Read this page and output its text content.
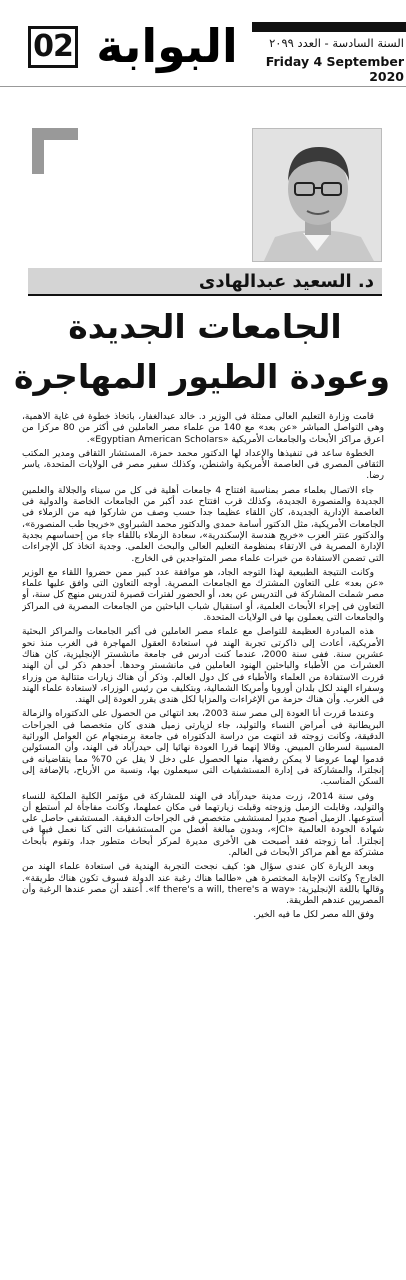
02 البوابة	السنة السادسة - العدد ٢٠٩٩
Friday 4 September 2020
د. السعيد عبدالهادى
الجامعات الجديدة
وعودة الطيور المهاجرة

قامت وزارة التعليم العالى ممثلة فى الوزير د. خالد عبدالغفار، باتخاذ خطوة فى غاية الأهمية، وهى التواصل المباشر «عن بعد» مع 140 من علماء مصر العاملين فى أكثر من 80 مركزا من اعرق مراكز الأبحاث والجامعات الأمريكية «Egyptian American Scholars».

الخطوة ساعد فى تنفيذها والإعداد لها الدكتور محمد حمزة، المستشار الثقافى ومدير المكتب الثقافى المصرى فى العاصمة الأمريكية واشنطن، وكذلك سفير مصر فى الولايات المتحدة، ياسر رضا.

جاء الاتصال بعلماء مصر بمناسبة افتتاح 4 جامعات أهلية فى كل من سيناء والجلالة والعلمين الجديدة والمنصورة الجديدة، وكذلك قرب افتتاح عدد أكبر من الجامعات الخاصة والدولية فى العاصمة الإدارية الجديدة، كان اللقاء عظيما جدا حسب وصف من شاركوا فيه من الزملاء فى الجامعات الأمريكية، مثل الدكتور أسامة حمدى والدكتور محمد الشبراوى «خريجا طب المنصورة»، والدكتور عنتر العزب «خريج هندسة الإسكندرية»، سعادة الزملاء باللقاء جاء من إحساسهم بجدية الإدارة المصرية فى الارتقاء بمنظومة التعليم العالى والبحث العلمى. وجدية اتخاذ كل الإجراءات التى تضمن الاستفادة من خبرات علماء مصر المتواجدين فى الخارج.

وكانت النتيجة الطبيعية لهذا التوجه الجاد، هو موافقة عدد كبير ممن حضروا اللقاء مع الوزير «عن بعد» على التعاون المشترك مع الجامعات المصرية. أوجه التعاون التى وافق عليها علماء مصر شملت المشاركة فى التدريس عن بعد، أو الحضور لفترات قصيرة لتدريس منهج كل سنة، أو التعاون فى إجراء الأبحاث العلمية، أو استقبال شباب الباحثين من الجامعات المصرية فى المراكز والجامعات التى يعملون بها فى الولايات المتحدة.

هذه المبادرة العظيمة للتواصل مع علماء مصر العاملين فى أكبر الجامعات والمراكز البحثية الأمريكية، أعادت إلى ذاكرتى تجربة الهند فى استعادة العقول المهاجرة فى الغرب منذ نحو عشرين سنة. ففى سنة 2000، عندما كنت أدرس فى جامعة مانشستر الإنجليزية، كان هناك العشرات من الأطباء والباحثين الهنود العاملين فى مانشستر وحدها. أحدهم ذكر لى أن الهند قررت الاستفادة من العلماء والأطباء فى كل دول العالم. وذكر أن هناك زيارات متتالية من وزراء وسفراء الهند لكل بلدان أوروبا وأمريكا الشمالية، وبتكليف من رئيس الوزراء، لاستعادة علماء الهند فى الغرب. وأن هناك حزمة من الإغراءات والمزايا لكل هندى يقرر العودة إلى الهند.

وعندما قررت أنا العودة إلى مصر سنة 2003، بعد انتهائى من الحصول على الدكتوراه والزمالة البريطانية فى أمراض النساء والتوليد، جاء لزيارتى زميل هندى كان متخصصا فى الجراحات الدقيقة، وكانت زوجته قد انتهت من دراسة الدكتوراه فى جامعة برمنجهام عن العوامل الوراثية المسببة لسرطان المبيض. وقالا إنهما قررا العودة نهائيا إلى حيدرآباد فى الهند، وأن المسئولين قدموا لهما عروضا لا يمكن رفضها، منها الحصول على دخل لا يقل عن 70% مما يتقاضيانه فى إنجلترا، والمشاركة فى إدارة المستشفيات التى سيعملون بها، ونسبة من الأرباح، بالإضافة إلى السكن المناسب.

وفى سنة 2014، زرت مدينة حيدرآباد فى الهند للمشاركة فى مؤتمر الكلية الملكية للنساء والتوليد، وقابلت الزميل وزوجته وقبلت زيارتهما فى مكان عملهما، وكانت مفاجأة لم أستطع أن أستوعبها. الزميل أصبح مديرا لمستشفى متخصص فى الجراحات الدقيقة. المستشفى حاصل على شهادة الجودة العالمية «JCI»، وبدون مبالغة أفضل من المستشفيات التى كنا نعمل فيها فى إنجلترا. أما زوجته فقد أصبحت هى الأخرى مديرة لمركز أبحاث متطور جدا، وتقوم بأبحاث مشتركة مع أهم مراكز الأبحاث فى العالم.

وبعد الزيارة كان عندى سؤال هو: كيف نجحت التجربة الهندية فى استعادة علماء الهند من الخارج؟ وكانت الإجابة المختصرة هى «طالما هناك رغبة عند الدولة فسوف تكون هناك طريقة». وقالها باللغة الإنجليزية: «If there's a will, there's a way». أعتقد أن مصر عندها الرغبة وأن المصريين عندهم الطريقة.

وفق الله مصر لكل ما فيه الخير.
